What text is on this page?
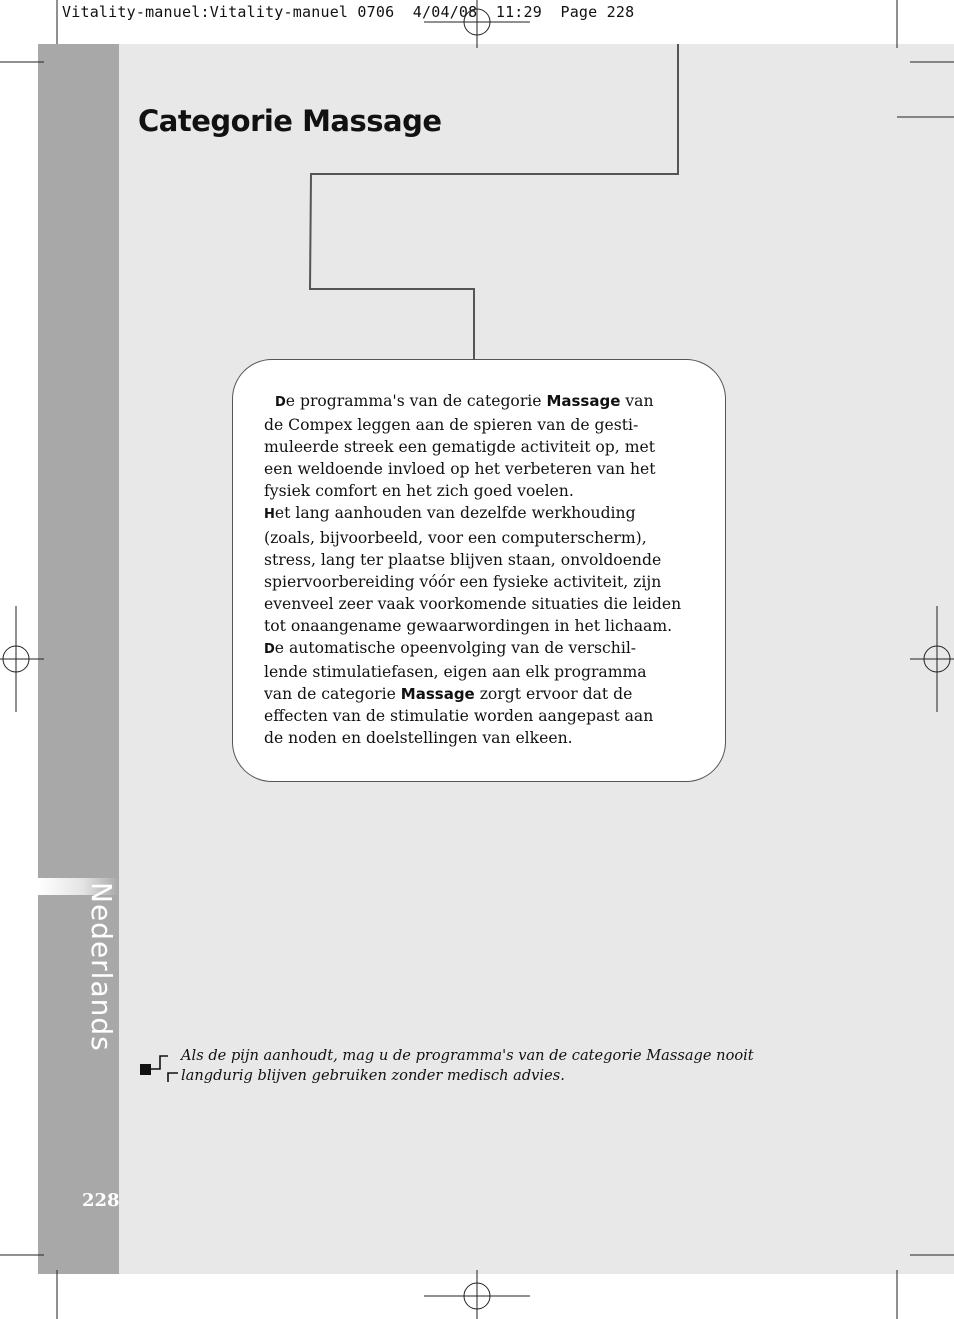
Vitality-manuel:Vitality-manuel 0706  4/04/08  11:29  Page 228
Nederlands
228
Categorie Massage
De programma's van de categorie Massage van
de Compex leggen aan de spieren van de gesti-
muleerde streek een gematigde activiteit op, met
een weldoende invloed op het verbeteren van het
fysiek comfort en het zich goed voelen.
Het lang aanhouden van dezelfde werkhouding
(zoals, bijvoorbeeld, voor een computerscherm),
stress, lang ter plaatse blijven staan, onvoldoende
spiervoorbereiding vóór een fysieke activiteit, zijn
evenveel zeer vaak voorkomende situaties die leiden
tot onaangename gewaarwordingen in het lichaam.
De automatische opeenvolging van de verschil-
lende stimulatiefasen, eigen aan elk programma
van de categorie Massage zorgt ervoor dat de
effecten van de stimulatie worden aangepast aan
de noden en doelstellingen van elkeen.
Als de pijn aanhoudt, mag u de programma's van de categorie Massage nooit
langdurig blijven gebruiken zonder medisch advies.
